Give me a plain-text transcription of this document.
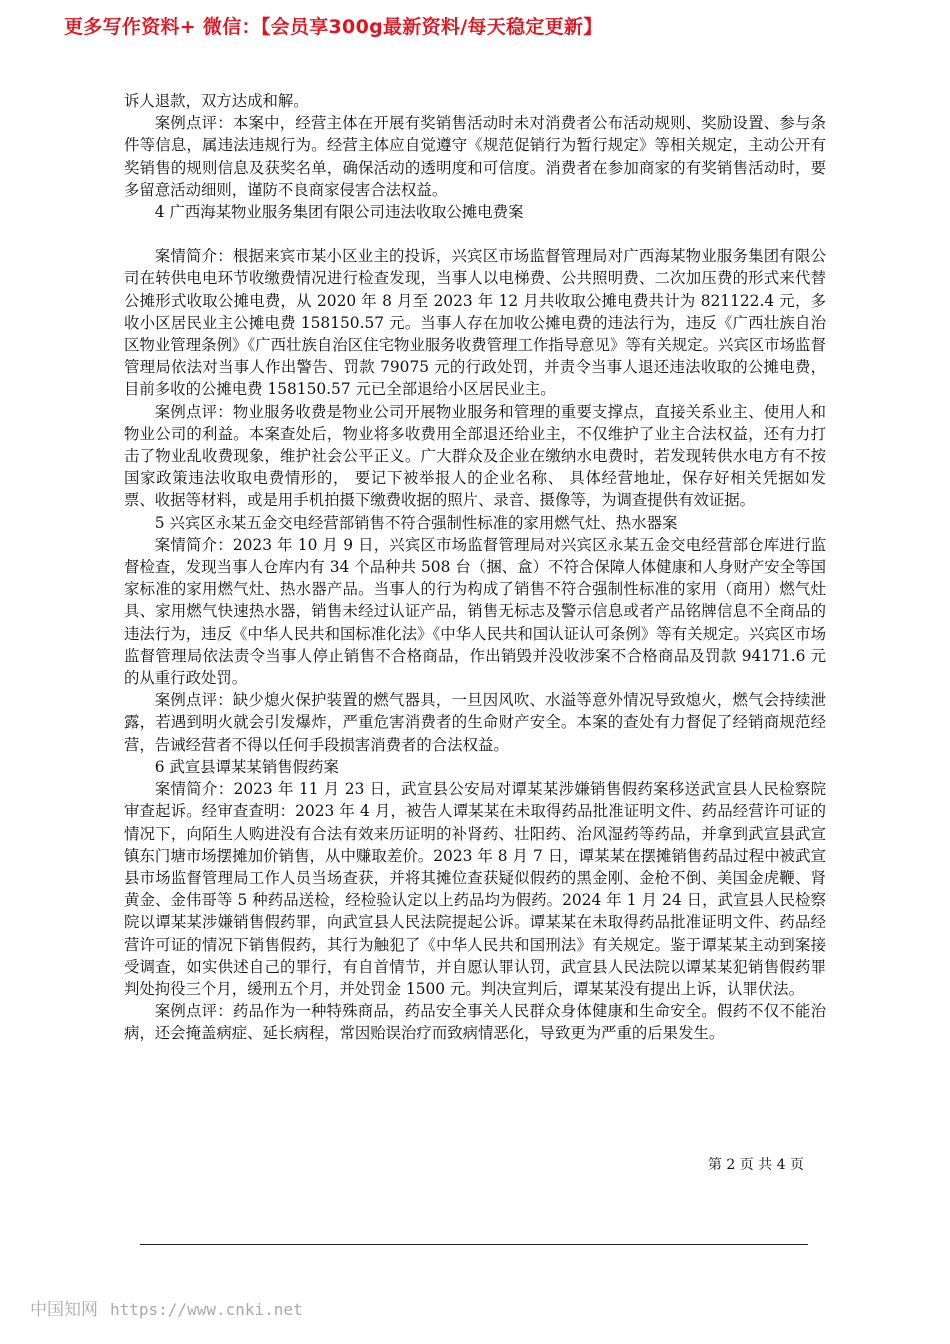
更多写作资料+ 微信：【会员享300g最新资料/每天稳定更新】

诉人退款，双方达成和解。

案例点评：本案中，经营主体在开展有奖销售活动时未对消费者公布活动规则、奖励设置、参与条件等信息，属违法违规行为。经营主体应自觉遵守《规范促销行为暂行规定》等相关规定，主动公开有奖销售的规则信息及获奖名单，确保活动的透明度和可信度。消费者在参加商家的有奖销售活动时，要多留意活动细则，谨防不良商家侵害合法权益。

4 广西海某物业服务集团有限公司违法收取公摊电费案

案情简介：根据来宾市某小区业主的投诉，兴宾区市场监督管理局对广西海某物业服务集团有限公司在转供电电环节收缴费情况进行检查发现，当事人以电梯费、公共照明费、二次加压费的形式来代替公摊形式收取公摊电费，从 2020 年 8 月至 2023 年 12 月共收取公摊电费共计为 821122.4 元，多收小区居民业主公摊电费 158150.57 元。当事人存在加收公摊电费的违法行为，违反《广西壮族自治区物业管理条例》《广西壮族自治区住宅物业服务收费管理工作指导意见》等有关规定。兴宾区市场监督管理局依法对当事人作出警告、罚款 79075 元的行政处罚，并责令当事人退还违法收取的公摊电费，目前多收的公摊电费 158150.57 元已全部退给小区居民业主。

案例点评：物业服务收费是物业公司开展物业服务和管理的重要支撑点，直接关系业主、使用人和物业公司的利益。本案查处后，物业将多收费用全部退还给业主，不仅维护了业主合法权益，还有力打击了物业乱收费现象，维护社会公平正义。广大群众及企业在缴纳水电费时，若发现转供水电方有不按国家政策违法收取电费情形的， 要记下被举报人的企业名称、 具体经营地址，保存好相关凭据如发票、收据等材料，或是用手机拍摄下缴费收据的照片、录音、摄像等，为调查提供有效证据。

5 兴宾区永某五金交电经营部销售不符合强制性标准的家用燃气灶、热水器案

案情简介：2023 年 10 月 9 日，兴宾区市场监督管理局对兴宾区永某五金交电经营部仓库进行监督检查，发现当事人仓库内有 34 个品种共 508 台（捆、盒）不符合保障人体健康和人身财产安全等国家标准的家用燃气灶、热水器产品。当事人的行为构成了销售不符合强制性标准的家用（商用）燃气灶具、家用燃气快速热水器，销售未经过认证产品，销售无标志及警示信息或者产品铭牌信息不全商品的违法行为，违反《中华人民共和国标准化法》《中华人民共和国认证认可条例》等有关规定。兴宾区市场监督管理局依法责令当事人停止销售不合格商品，作出销毁并没收涉案不合格商品及罚款 94171.6 元的从重行政处罚。

案例点评：缺少熄火保护装置的燃气器具，一旦因风吹、水溢等意外情况导致熄火，燃气会持续泄露，若遇到明火就会引发爆炸，严重危害消费者的生命财产安全。本案的查处有力督促了经销商规范经营，告诫经营者不得以任何手段损害消费者的合法权益。

6 武宣县谭某某销售假药案

案情简介：2023 年 11 月 23 日，武宣县公安局对谭某某涉嫌销售假药案移送武宣县人民检察院审查起诉。经审查查明：2023 年 4 月，被告人谭某某在未取得药品批准证明文件、药品经营许可证的情况下，向陌生人购进没有合法有效来历证明的补肾药、壮阳药、治风湿药等药品，并拿到武宣县武宣镇东门塘市场摆摊加价销售，从中赚取差价。2023 年 8 月 7 日，谭某某在摆摊销售药品过程中被武宣县市场监督管理局工作人员当场查获，并将其摊位查获疑似假药的黑金刚、金枪不倒、美国金虎鞭、肾黄金、金伟哥等 5 种药品送检，经检验认定以上药品均为假药。2024 年 1 月 24 日，武宣县人民检察院以谭某某涉嫌销售假药罪，向武宣县人民法院提起公诉。谭某某在未取得药品批准证明文件、药品经营许可证的情况下销售假药，其行为触犯了《中华人民共和国刑法》有关规定。鉴于谭某某主动到案接受调查，如实供述自己的罪行，有自首情节，并自愿认罪认罚，武宣县人民法院以谭某某犯销售假药罪判处拘役三个月，缓刑五个月，并处罚金 1500 元。判决宣判后，谭某某没有提出上诉，认罪伏法。

案例点评：药品作为一种特殊商品，药品安全事关人民群众身体健康和生命安全。假药不仅不能治病，还会掩盖病症、延长病程，常因贻误治疗而致病情恶化，导致更为严重的后果发生。

第 2 页 共 4 页
中国知网 https://www.cnki.net
